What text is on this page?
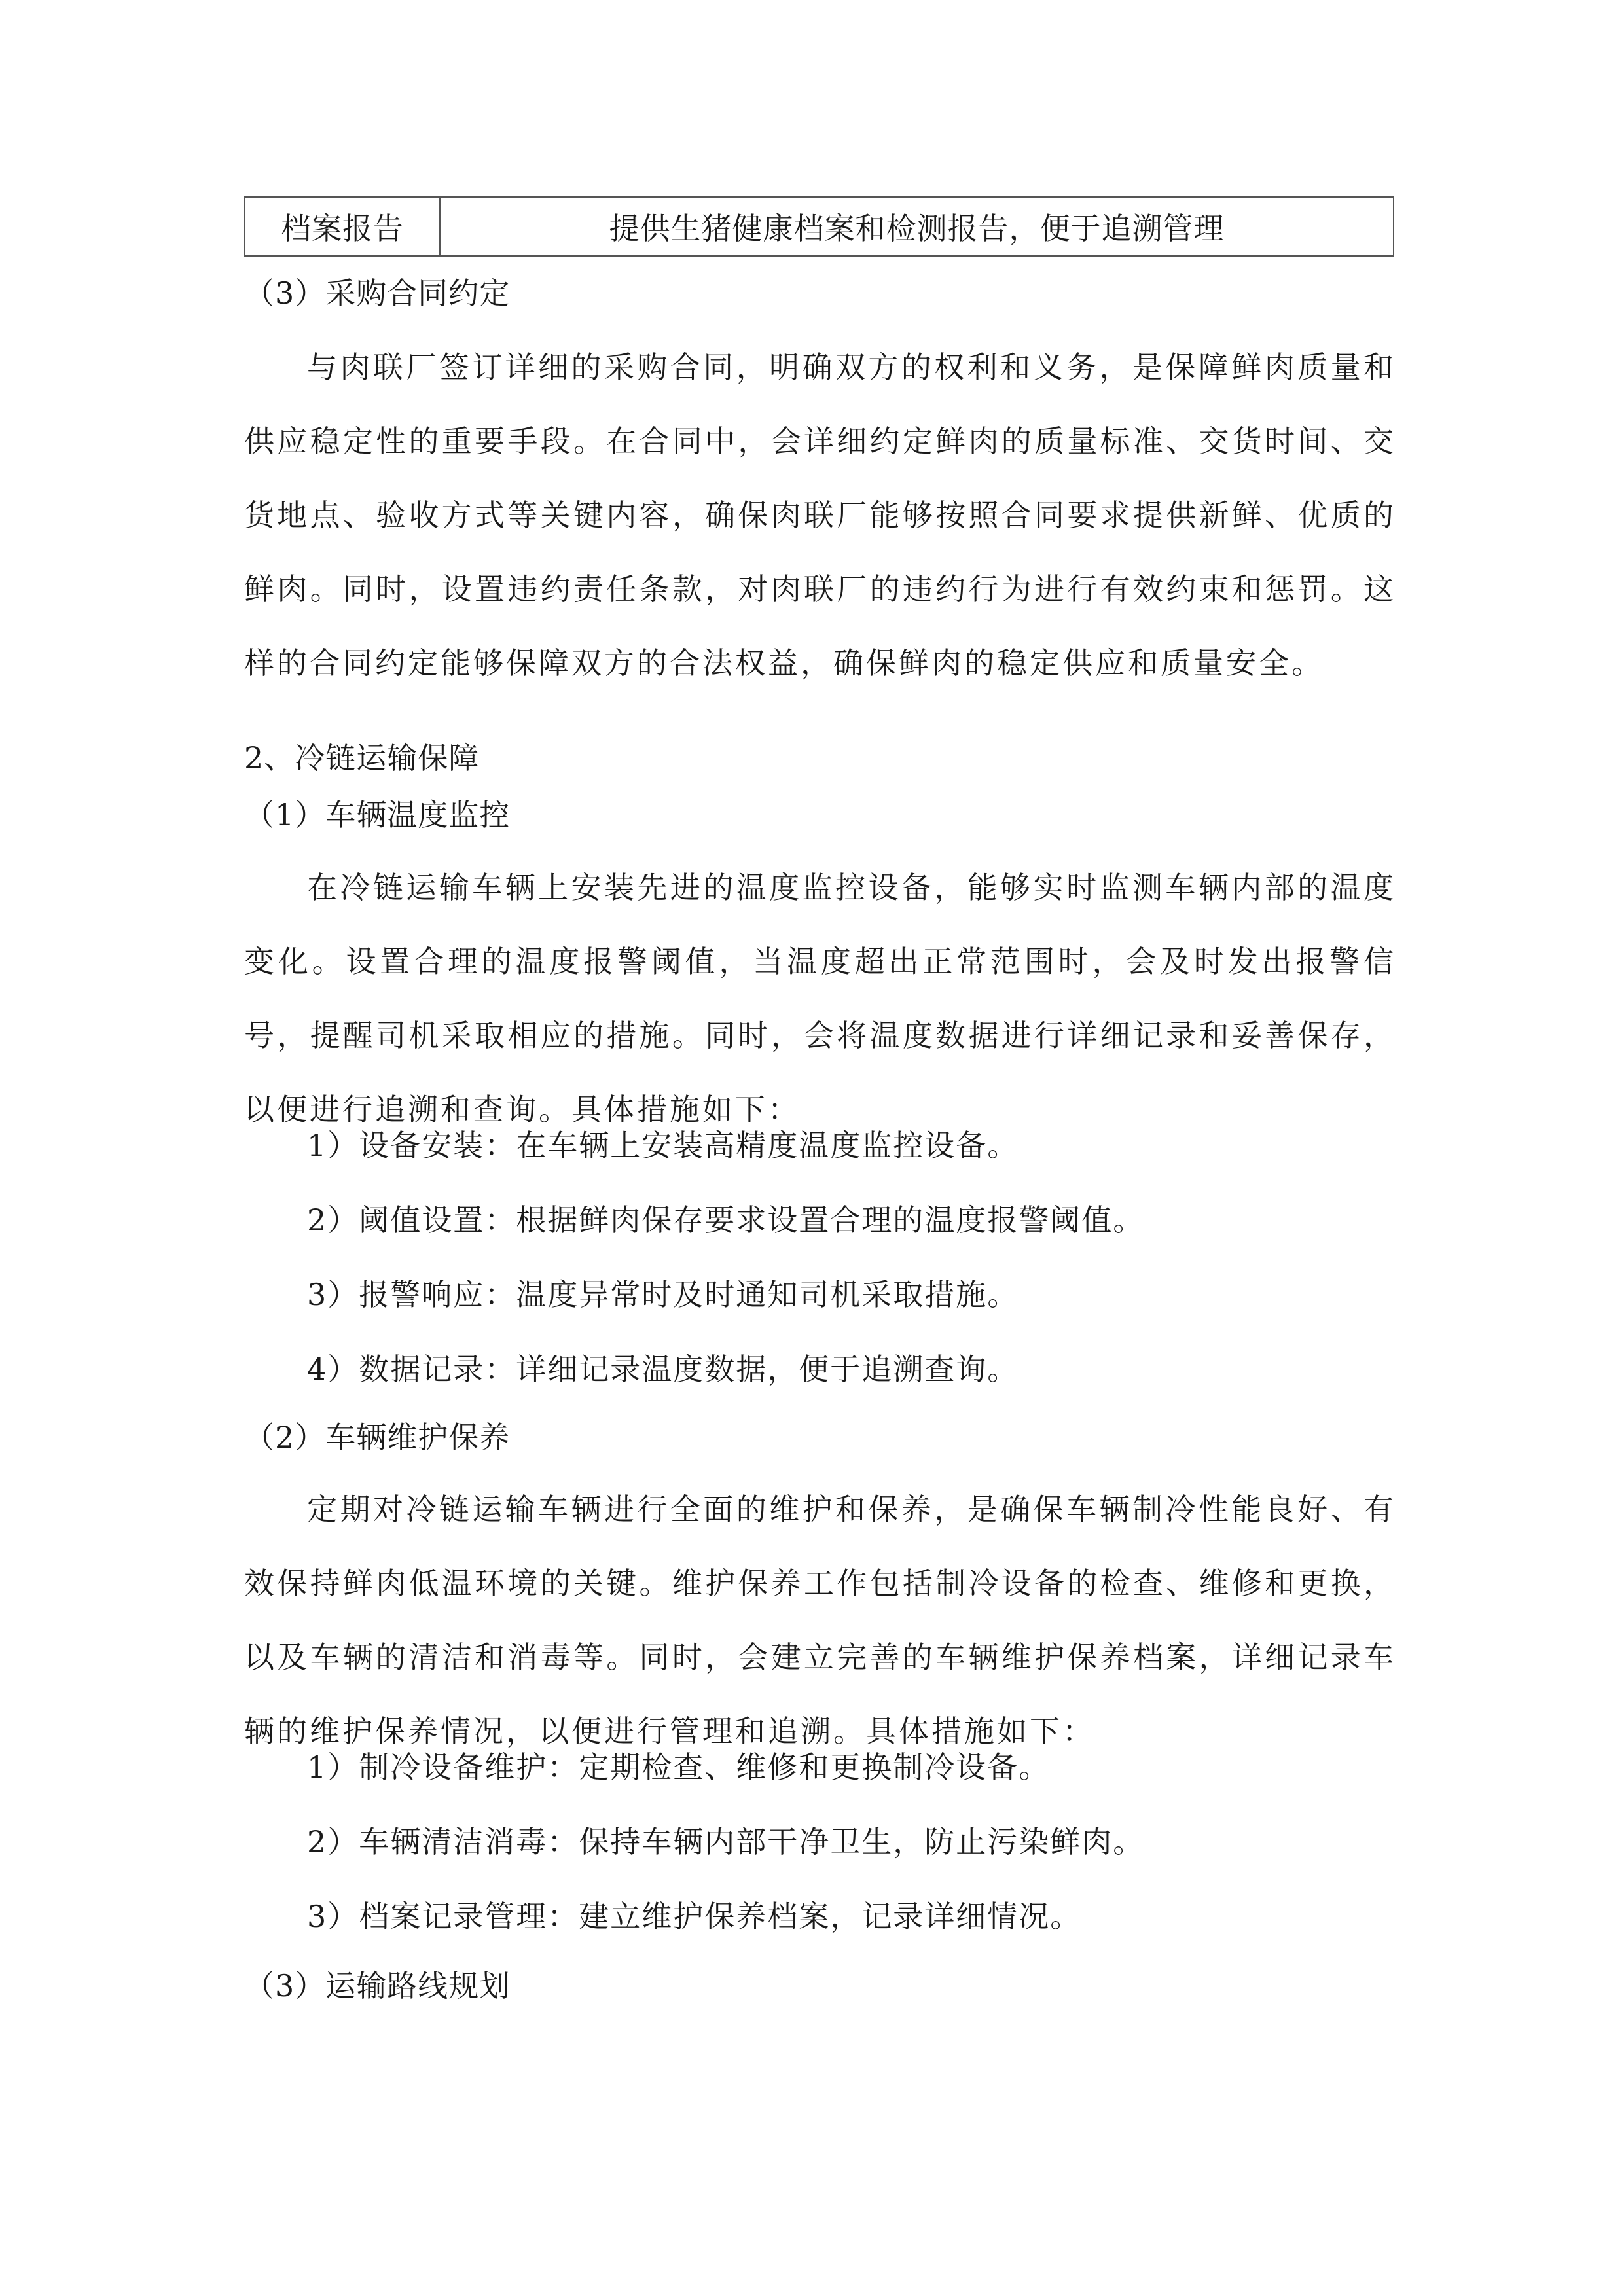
档案报告	提供生猪健康档案和检测报告，便于追溯管理
（3）采购合同约定
与肉联厂签订详细的采购合同，明确双方的权利和义务，是保障鲜肉质量和供应稳定性的重要手段。在合同中，会详细约定鲜肉的质量标准、交货时间、交货地点、验收方式等关键内容，确保肉联厂能够按照合同要求提供新鲜、优质的鲜肉。同时，设置违约责任条款，对肉联厂的违约行为进行有效约束和惩罚。这样的合同约定能够保障双方的合法权益，确保鲜肉的稳定供应和质量安全。
2、冷链运输保障
（1）车辆温度监控
在冷链运输车辆上安装先进的温度监控设备，能够实时监测车辆内部的温度变化。设置合理的温度报警阈值，当温度超出正常范围时，会及时发出报警信号，提醒司机采取相应的措施。同时，会将温度数据进行详细记录和妥善保存，以便进行追溯和查询。具体措施如下：
1）设备安装：在车辆上安装高精度温度监控设备。
2）阈值设置：根据鲜肉保存要求设置合理的温度报警阈值。
3）报警响应：温度异常时及时通知司机采取措施。
4）数据记录：详细记录温度数据，便于追溯查询。
（2）车辆维护保养
定期对冷链运输车辆进行全面的维护和保养，是确保车辆制冷性能良好、有效保持鲜肉低温环境的关键。维护保养工作包括制冷设备的检查、维修和更换，以及车辆的清洁和消毒等。同时，会建立完善的车辆维护保养档案，详细记录车辆的维护保养情况，以便进行管理和追溯。具体措施如下：
1）制冷设备维护：定期检查、维修和更换制冷设备。
2）车辆清洁消毒：保持车辆内部干净卫生，防止污染鲜肉。
3）档案记录管理：建立维护保养档案，记录详细情况。
（3）运输路线规划
